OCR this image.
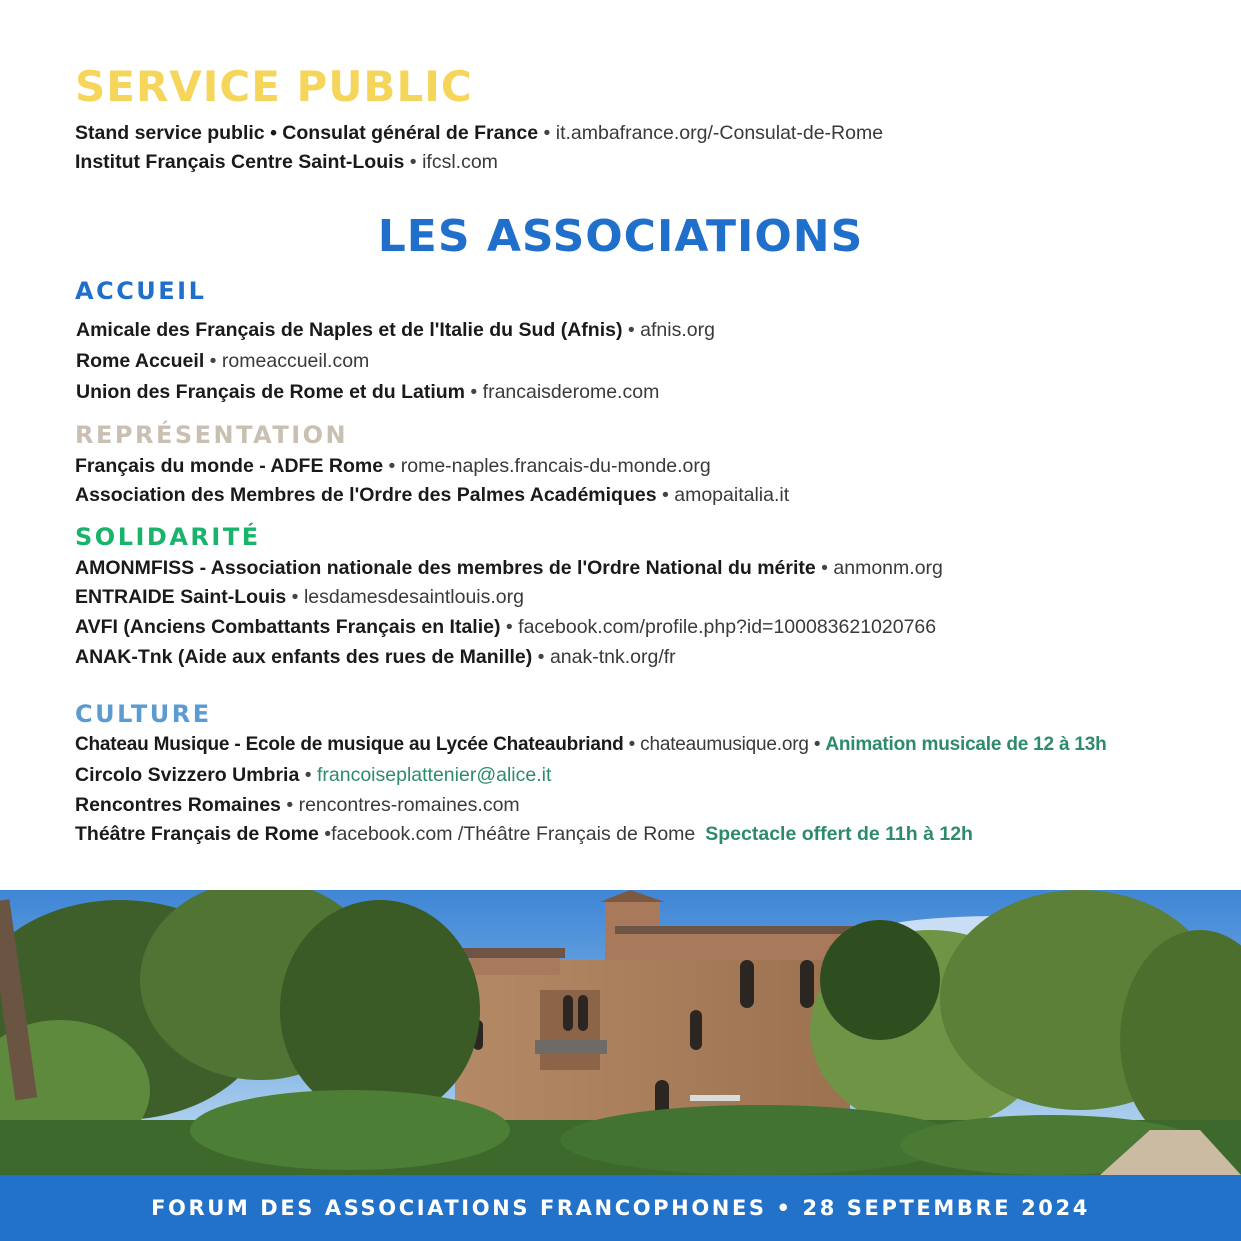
SERVICE PUBLIC
Stand service public • Consulat général de France • it.ambafrance.org/-Consulat-de-Rome
Institut Français Centre Saint-Louis • ifcsl.com
LES ASSOCIATIONS
ACCUEIL
Amicale des Français de Naples et de l'Italie du Sud (Afnis) • afnis.org
Rome Accueil • romeaccueil.com
Union des Français de Rome et du Latium • francaisderome.com
REPRÉSENTATION
Français du monde - ADFE Rome • rome-naples.francais-du-monde.org
Association des Membres de l'Ordre des Palmes Académiques • amopaitalia.it
SOLIDARITÉ
AMONMFISS - Association nationale des membres de l'Ordre National du mérite • anmonm.org
ENTRAIDE Saint-Louis • lesdamesdesaintlouis.org
AVFI (Anciens Combattants Français en Italie) • facebook.com/profile.php?id=100083621020766
ANAK-Tnk (Aide aux enfants des rues de Manille) • anak-tnk.org/fr
CULTURE
Chateau Musique - Ecole de musique au Lycée Chateaubriand • chateaumusique.org • Animation musicale de 12 à 13h
Circolo Svizzero Umbria • francoiseplattenier@alice.it
Rencontres Romaines • rencontres-romaines.com
Théâtre Français de Rome •facebook.com /Théâtre Français de Rome Spectacle offert de 11h à 12h
FORUM DES ASSOCIATIONS FRANCOPHONES • 28 SEPTEMBRE 2024
